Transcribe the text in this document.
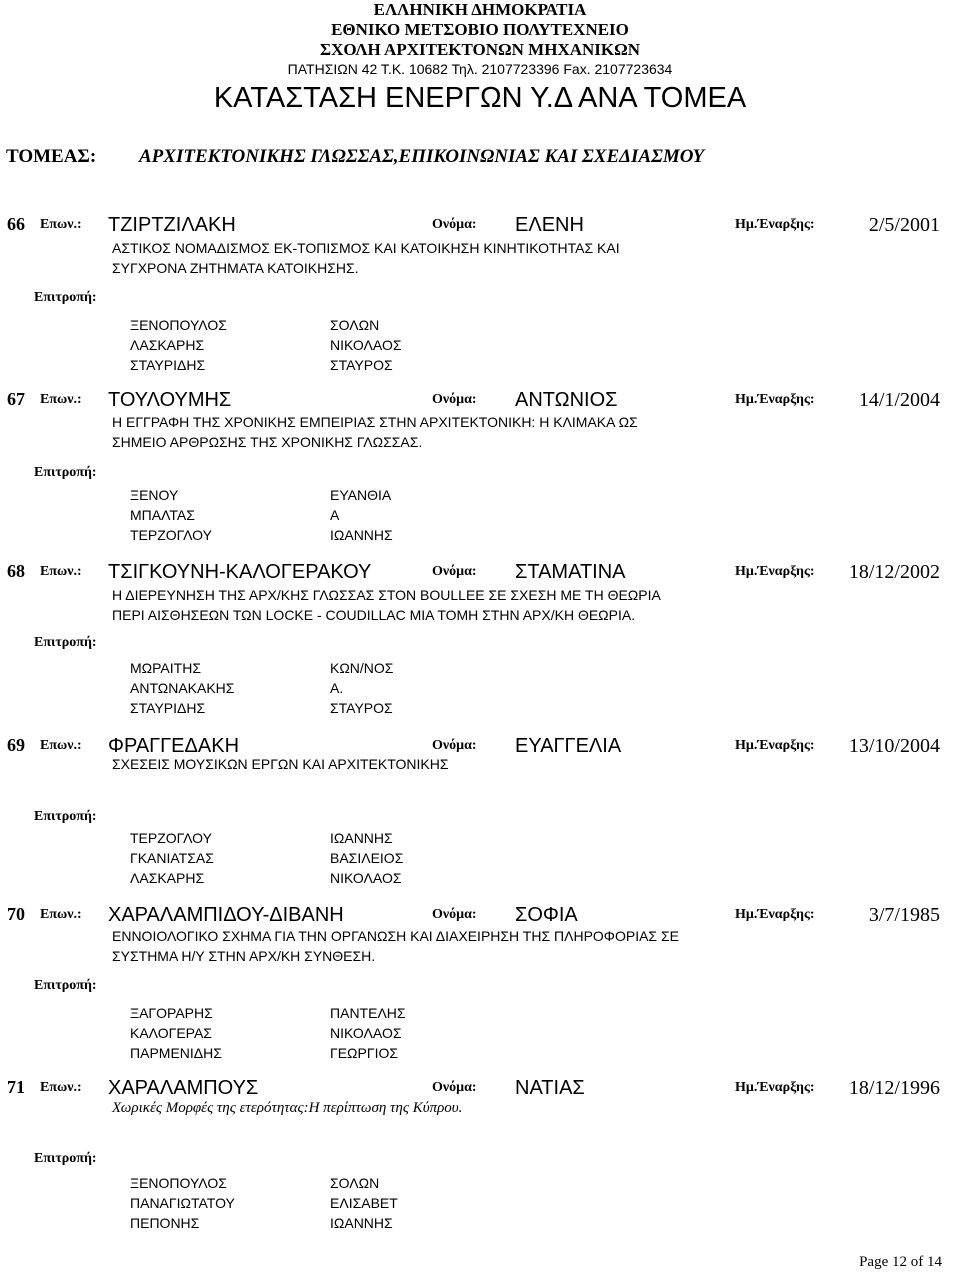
ΕΛΛΗΝΙΚΗ ΔΗΜΟΚΡΑΤΙΑ
ΕΘΝΙΚΟ ΜΕΤΣΟΒΙΟ ΠΟΛΥΤΕΧΝΕΙΟ
ΣΧΟΛΗ ΑΡΧΙΤΕΚΤΟΝΩΝ ΜΗΧΑΝΙΚΩΝ
ΠΑΤΗΣΙΩΝ 42 Τ.Κ. 10682 Τηλ. 2107723396 Fax. 2107723634
ΚΑΤΑΣΤΑΣΗ ΕΝΕΡΓΩΝ Υ.Δ ΑΝΑ ΤΟΜΕΑ
ΤΟΜΕΑΣ: ΑΡΧΙΤΕΚΤΟΝΙΚΗΣ ΓΛΩΣΣΑΣ,ΕΠΙΚΟΙΝΩΝΙΑΣ ΚΑΙ ΣΧΕΔΙΑΣΜΟΥ
66 Επων.: ΤΖΙΡΤΖΙΛΑΚΗ	Ονόμα: ΕΛΕΝΗ	Ημ.Έναρξης:	2/5/2001
ΑΣΤΙΚΟΣ ΝΟΜΑΔΙΣΜΟΣ ΕΚ-ΤΟΠΙΣΜΟΣ ΚΑΙ ΚΑΤΟΙΚΗΣΗ ΚΙΝΗΤΙΚΟΤΗΤΑΣ ΚΑΙ
ΣΥΓΧΡΟΝΑ ΖΗΤΗΜΑΤΑ ΚΑΤΟΙΚΗΣΗΣ.
Επιτροπή:
ΞΕΝΟΠΟΥΛΟΣ	ΣΟΛΩΝ
ΛΑΣΚΑΡΗΣ	ΝΙΚΟΛΑΟΣ
ΣΤΑΥΡΙΔΗΣ	ΣΤΑΥΡΟΣ
67 Επων.: ΤΟΥΛΟΥΜΗΣ	Ονόμα: ΑΝΤΩΝΙΟΣ	Ημ.Έναρξης: 14/1/2004
Η ΕΓΓΡΑΦΗ ΤΗΣ ΧΡΟΝΙΚΗΣ ΕΜΠΕΙΡΙΑΣ ΣΤΗΝ ΑΡΧΙΤΕΚΤΟΝΙΚΗ: Η ΚΛΙΜΑΚΑ ΩΣ
ΣΗΜΕΙΟ ΑΡΘΡΩΣΗΣ ΤΗΣ ΧΡΟΝΙΚΗΣ ΓΛΩΣΣΑΣ.
Επιτροπή:
ΞΕΝΟΥ	ΕΥΑΝΘΙΑ
ΜΠΑΛΤΑΣ	Α
ΤΕΡΖΟΓΛΟΥ	ΙΩΑΝΝΗΣ
68 Επων.: ΤΣΙΓΚΟΥΝΗ-ΚΑΛΟΓΕΡΑΚΟΥ	Ονόμα: ΣΤΑΜΑΤΙΝΑ	Ημ.Έναρξης: 18/12/2002
Η ΔΙΕΡΕΥΝΗΣΗ ΤΗΣ ΑΡΧ/ΚΗΣ ΓΛΩΣΣΑΣ ΣΤΟΝ BOULLEE ΣΕ ΣΧΕΣΗ ΜΕ ΤΗ ΘΕΩΡΙΑ
ΠΕΡΙ ΑΙΣΘΗΣΕΩΝ ΤΩΝ LOCKE - COUDILLAC ΜΙΑ ΤΟΜΗ ΣΤΗΝ ΑΡΧ/ΚΗ ΘΕΩΡΙΑ.
Επιτροπή:
ΜΩΡΑΙΤΗΣ	ΚΩΝ/ΝΟΣ
ΑΝΤΩΝΑΚΑΚΗΣ	Α.
ΣΤΑΥΡΙΔΗΣ	ΣΤΑΥΡΟΣ
69 Επων.: ΦΡΑΓΓΕΔΑΚΗ	Ονόμα: ΕΥΑΓΓΕΛΙΑ	Ημ.Έναρξης: 13/10/2004
ΣΧΕΣΕΙΣ ΜΟΥΣΙΚΩΝ ΕΡΓΩΝ ΚΑΙ ΑΡΧΙΤΕΚΤΟΝΙΚΗΣ
Επιτροπή:
ΤΕΡΖΟΓΛΟΥ	ΙΩΑΝΝΗΣ
ΓΚΑΝΙΑΤΣΑΣ	ΒΑΣΙΛΕΙΟΣ
ΛΑΣΚΑΡΗΣ	ΝΙΚΟΛΑΟΣ
70 Επων.: ΧΑΡΑΛΑΜΠΙΔΟΥ-ΔΙΒΑΝΗ	Ονόμα: ΣΟΦΙΑ	Ημ.Έναρξης:	3/7/1985
ΕΝΝΟΙΟΛΟΓΙΚΟ ΣΧΗΜΑ ΓΙΑ ΤΗΝ ΟΡΓΑΝΩΣΗ ΚΑΙ ΔΙΑΧΕΙΡΗΣΗ ΤΗΣ ΠΛΗΡΟΦΟΡΙΑΣ ΣΕ
ΣΥΣΤΗΜΑ Η/Υ ΣΤΗΝ ΑΡΧ/ΚΗ ΣΥΝΘΕΣΗ.
Επιτροπή:
ΞΑΓΟΡΑΡΗΣ	ΠΑΝΤΕΛΗΣ
ΚΑΛΟΓΕΡΑΣ	ΝΙΚΟΛΑΟΣ
ΠΑΡΜΕΝΙΔΗΣ	ΓΕΩΡΓΙΟΣ
71 Επων.: ΧΑΡΑΛΑΜΠΟΥΣ	Ονόμα: ΝΑΤΙΑΣ	Ημ.Έναρξης: 18/12/1996
Χωρικές Μορφές της ετερότητας:Η περίπτωση της Κύπρου.
Επιτροπή:
ΞΕΝΟΠΟΥΛΟΣ	ΣΟΛΩΝ
ΠΑΝΑΓΙΩΤΑΤΟΥ	ΕΛΙΣΑΒΕΤ
ΠΕΠΟΝΗΣ	ΙΩΑΝΝΗΣ
Page 12 of 14
